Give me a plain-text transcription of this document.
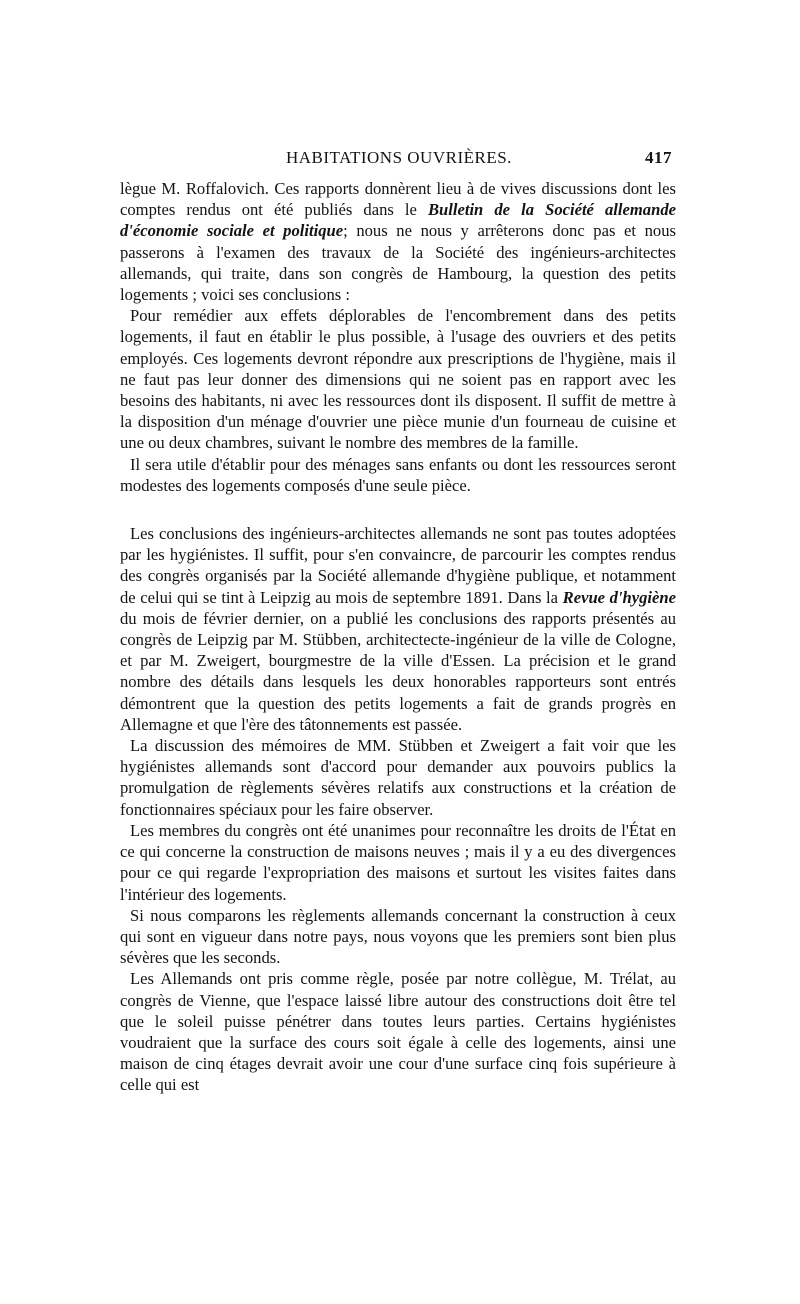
HABITATIONS OUVRIÈRES.	417

lègue M. Roffalovich. Ces rapports donnèrent lieu à de vives discussions dont les comptes rendus ont été publiés dans le Bulletin de la Société allemande d'économie sociale et politique; nous ne nous y arrêterons donc pas et nous passerons à l'examen des travaux de la Société des ingénieurs-architectes allemands, qui traite, dans son congrès de Hambourg, la question des petits logements ; voici ses conclusions :

Pour remédier aux effets déplorables de l'encombrement dans des petits logements, il faut en établir le plus possible, à l'usage des ouvriers et des petits employés. Ces logements devront répondre aux prescriptions de l'hygiène, mais il ne faut pas leur donner des dimensions qui ne soient pas en rapport avec les besoins des habitants, ni avec les ressources dont ils disposent. Il suffit de mettre à la disposition d'un ménage d'ouvrier une pièce munie d'un fourneau de cuisine et une ou deux chambres, suivant le nombre des membres de la famille.

Il sera utile d'établir pour des ménages sans enfants ou dont les ressources seront modestes des logements composés d'une seule pièce.

Les conclusions des ingénieurs-architectes allemands ne sont pas toutes adoptées par les hygiénistes. Il suffit, pour s'en convaincre, de parcourir les comptes rendus des congrès organisés par la Société allemande d'hygiène publique, et notamment de celui qui se tint à Leipzig au mois de septembre 1891. Dans la Revue d'hygiène du mois de février dernier, on a publié les conclusions des rapports présentés au congrès de Leipzig par M. Stübben, architectecte-ingénieur de la ville de Cologne, et par M. Zweigert, bourgmestre de la ville d'Essen. La précision et le grand nombre des détails dans lesquels les deux honorables rapporteurs sont entrés démontrent que la question des petits logements a fait de grands progrès en Allemagne et que l'ère des tâtonnements est passée.

La discussion des mémoires de MM. Stübben et Zweigert a fait voir que les hygiénistes allemands sont d'accord pour demander aux pouvoirs publics la promulgation de règlements sévères relatifs aux constructions et la création de fonctionnaires spéciaux pour les faire observer.

Les membres du congrès ont été unanimes pour reconnaître les droits de l'État en ce qui concerne la construction de maisons neuves ; mais il y a eu des divergences pour ce qui regarde l'expropriation des maisons et surtout les visites faites dans l'intérieur des logements.

Si nous comparons les règlements allemands concernant la construction à ceux qui sont en vigueur dans notre pays, nous voyons que les premiers sont bien plus sévères que les seconds.

Les Allemands ont pris comme règle, posée par notre collègue, M. Trélat, au congrès de Vienne, que l'espace laissé libre autour des constructions doit être tel que le soleil puisse pénétrer dans toutes leurs parties. Certains hygiénistes voudraient que la surface des cours soit égale à celle des logements, ainsi une maison de cinq étages devrait avoir une cour d'une surface cinq fois supérieure à celle qui est
